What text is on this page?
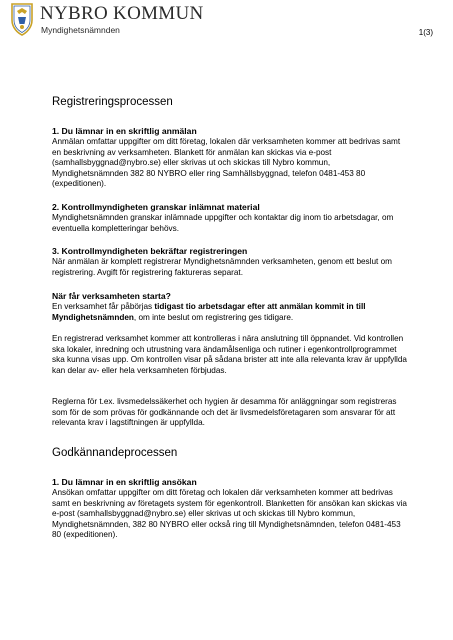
NYBRO KOMMUN
Myndighetsnämnden	1(3)
Registreringsprocessen
1. Du lämnar in en skriftlig anmälan

Anmälan omfattar uppgifter om ditt företag, lokalen där verksamheten kommer att bedrivas samt en beskrivning av verksamheten. Blankett för anmälan kan skickas via e-post (samhallsbyggnad@nybro.se) eller skrivas ut och skickas till Nybro kommun, Myndighetsnämnden 382 80 NYBRO eller ring Samhällsbyggnad, telefon 0481-453 80 (expeditionen).

2. Kontrollmyndigheten granskar inlämnat material

Myndighetsnämnden granskar inlämnade uppgifter och kontaktar dig inom tio arbetsdagar, om eventuella kompletteringar behövs.

3. Kontrollmyndigheten bekräftar registreringen

När anmälan är komplett registrerar Myndighetsnämnden verksamheten, genom ett beslut om registrering. Avgift för registrering faktureras separat.

När får verksamheten starta?

En verksamhet får påbörjas tidigast tio arbetsdagar efter att anmälan kommit in till Myndighetsnämnden, om inte beslut om registrering ges tidigare.

En registrerad verksamhet kommer att kontrolleras i nära anslutning till öppnandet. Vid kontrollen ska lokaler, inredning och utrustning vara ändamålsenliga och rutiner i egenkontrollprogrammet ska kunna visas upp. Om kontrollen visar på sådana brister att inte alla relevanta krav är uppfyllda kan delar av- eller hela verksamheten förbjudas.

Reglerna för t.ex. livsmedelssäkerhet och hygien är desamma för anläggningar som registreras som för de som prövas för godkännande och det är livsmedelsföretagaren som ansvarar för att relevanta krav i lagstiftningen är uppfyllda.

Godkännandeprocessen
1. Du lämnar in en skriftlig ansökan

Ansökan omfattar uppgifter om ditt företag och lokalen där verksamheten kommer att bedrivas samt en beskrivning av företagets system för egenkontroll. Blanketten för ansökan kan skickas via e-post (samhallsbyggnad@nybro.se) eller skrivas ut och skickas till Nybro kommun, Myndighetsnämnden, 382 80 NYBRO eller också ring till Myndighetsnämnden, telefon 0481-453 80 (expeditionen).
